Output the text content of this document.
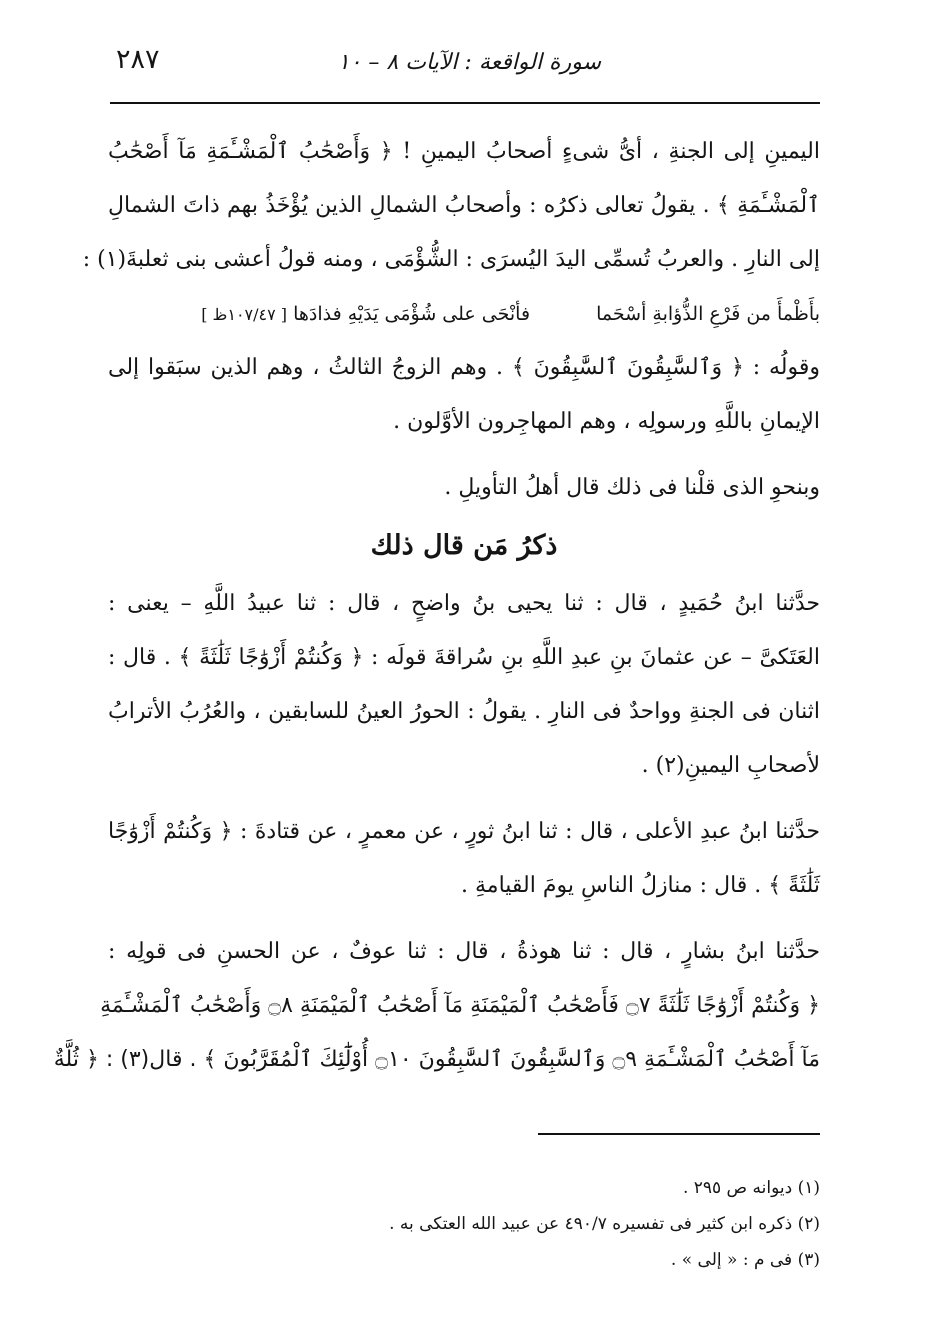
٢٨٧	سورة الواقعة : الآيات ٨ – ١٠
اليمينِ إلى الجنةِ ، أىُّ شىءٍ أصحابُ اليمينِ ! ﴿ وَأَصْحَٰبُ ٱلْمَشْـَٔمَةِ مَآ أَصْحَٰبُ
ٱلْمَشْـَٔمَةِ ﴾ . يقولُ تعالى ذكرُه : وأصحابُ الشمالِ الذين يُؤْخَذُ بهم ذاتَ الشمالِ
إلى النارِ . والعربُ تُسمِّى اليدَ اليُسرَى : الشُّؤْمَى ، ومنه قولُ أعشى بنى ثعلبةَ(١) :
بأَظْمأَ من فَرْعِ الذُّؤابةِ أسْحَما فأنْحَى على شُؤْمَى يَدَيْهِ فذادَها [ ١٠٧/٤٧ظ ]
وقولُه : ﴿ وَٱلسَّٰبِقُونَ ٱلسَّٰبِقُونَ ﴾ . وهم الزوجُ الثالثُ ، وهم الذين سبَقوا إلى
الإيمانِ باللَّهِ ورسولِه ، وهم المهاجِرون الأوَّلون .
وبنحوِ الذى قلْنا فى ذلك قال أهلُ التأويلِ .
ذكرُ مَن قال ذلك
حدَّثنا ابنُ حُمَيدٍ ، قال : ثنا يحيى بنُ واضحٍ ، قال : ثنا عبيدُ اللَّهِ – يعنى :
العَتَكىَّ – عن عثمانَ بنِ عبدِ اللَّهِ بنِ سُراقةَ قولَه : ﴿ وَكُنتُمْ أَزْوَٰجًا ثَلَٰثَةً ﴾ . قال :
اثنان فى الجنةِ وواحدٌ فى النارِ . يقولُ : الحورُ العينُ للسابقين ، والعُرُبُ الأترابُ
لأصحابِ اليمينِ(٢) .
حدَّثنا ابنُ عبدِ الأعلى ، قال : ثنا ابنُ ثورٍ ، عن معمرٍ ، عن قتادةَ : ﴿ وَكُنتُمْ أَزْوَٰجًا
ثَلَٰثَةً ﴾ . قال : منازلُ الناسِ يومَ القيامةِ .
حدَّثنا ابنُ بشارٍ ، قال : ثنا هوذةُ ، قال : ثنا عوفٌ ، عن الحسنِ فى قولِه :
﴿ وَكُنتُمْ أَزْوَٰجًا ثَلَٰثَةً ۝٧ فَأَصْحَٰبُ ٱلْمَيْمَنَةِ مَآ أَصْحَٰبُ ٱلْمَيْمَنَةِ ۝٨ وَأَصْحَٰبُ ٱلْمَشْـَٔمَةِ
مَآ أَصْحَٰبُ ٱلْمَشْـَٔمَةِ ۝٩ وَٱلسَّٰبِقُونَ ٱلسَّٰبِقُونَ ۝١٠ أُوْلَٰٓئِكَ ٱلْمُقَرَّبُونَ ﴾ . قال(٣) : ﴿ ثُلَّةٌ
(١) ديوانه ص ٢٩٥ .
(٢) ذكره ابن كثير فى تفسيره ٤٩٠/٧ عن عبيد الله العتكى به .
(٣) فى م : « إلى » .
